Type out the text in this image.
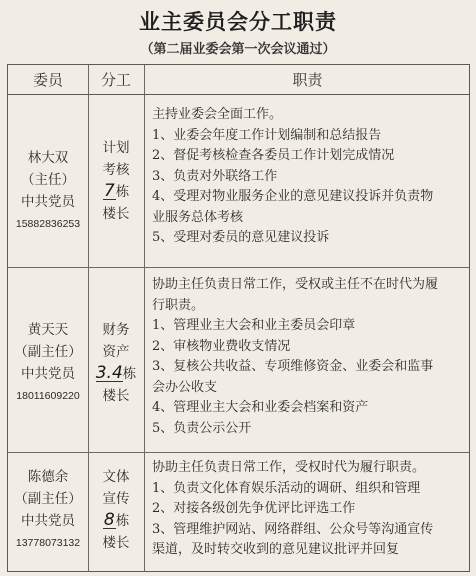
业主委员会分工职责
（第二届业委会第一次会议通过）
委员	分工	职责
林大双
（主任）
中共党员
15882836253
计划
考核
7栋
楼长
主持业委会全面工作。
1、业委会年度工作计划编制和总结报告
2、督促考核检查各委员工作计划完成情况
3、负责对外联络工作
4、受理对物业服务企业的意见建议投诉并负责物
业服务总体考核
5、受理对委员的意见建议投诉
黄天天
（副主任）
中共党员
18011609220
财务
资产
3.4栋
楼长
协助主任负责日常工作，受权或主任不在时代为履
行职责。
1、管理业主大会和业主委员会印章
2、审核物业费收支情况
3、复核公共收益、专项维修资金、业委会和监事
会办公收支
4、管理业主大会和业委会档案和资产
5、负责公示公开
陈德余
（副主任）
中共党员
13778073132
文体
宣传
8栋
楼长
协助主任负责日常工作，受权时代为履行职责。
1、负责文化体育娱乐活动的调研、组织和管理
2、对接各级创先争优评比评选工作
3、管理维护网站、网络群组、公众号等沟通宣传
渠道，及时转交收到的意见建议批评并回复
